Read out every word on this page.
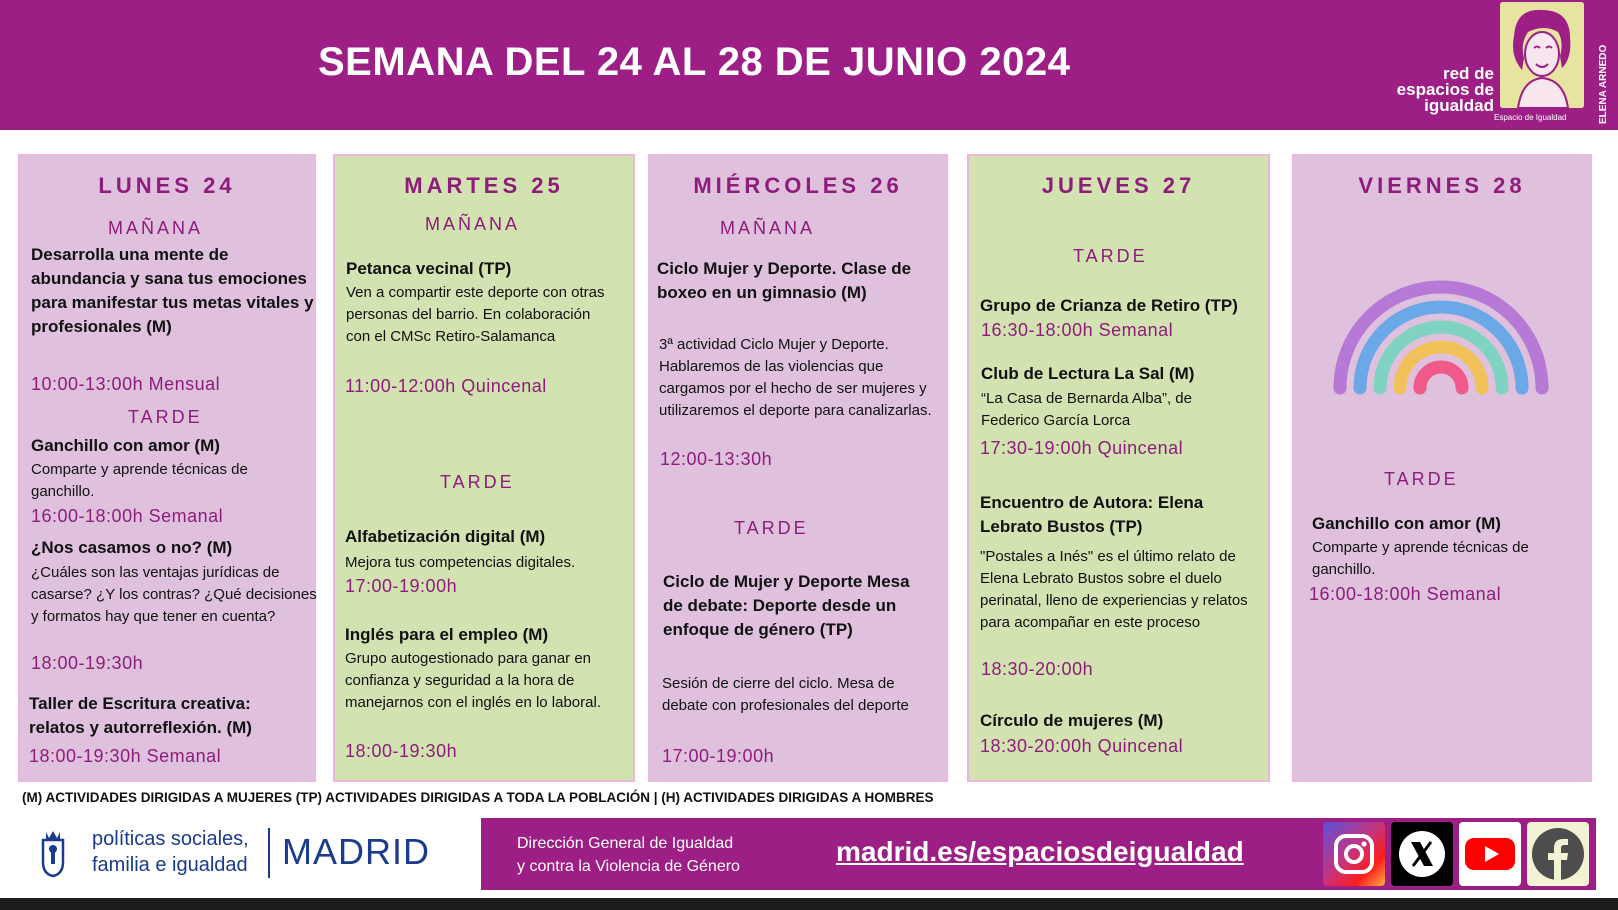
SEMANA DEL 24 AL 28 DE JUNIO 2024	red de espacios de igualdad
Espacio de Igualdad	ELENA ARNEDO
LUNES 24
MAÑANA
Desarrolla una mente de abundancia y sana tus emociones para manifestar tus metas vitales y profesionales (M)
10:00-13:00h Mensual
TARDE
Ganchillo con amor (M)
Comparte y aprende técnicas de ganchillo.
16:00-18:00h Semanal
¿Nos casamos o no? (M)
¿Cuáles son las ventajas jurídicas de casarse? ¿Y los contras? ¿Qué decisiones y formatos hay que tener en cuenta?
18:00-19:30h
Taller de Escritura creativa: relatos y autorreflexión. (M)
18:00-19:30h Semanal
MARTES 25
MAÑANA
Petanca vecinal (TP)
Ven a compartir este deporte con otras personas del barrio. En colaboración con el CMSc Retiro-Salamanca
11:00-12:00h Quincenal
TARDE
Alfabetización digital (M)
Mejora tus competencias digitales.
17:00-19:00h
Inglés para el empleo (M)
Grupo autogestionado para ganar en confianza y seguridad a la hora de manejarnos con el inglés en lo laboral.
18:00-19:30h
MIÉRCOLES 26
MAÑANA
Ciclo Mujer y Deporte. Clase de boxeo en un gimnasio (M)
3ª actividad Ciclo Mujer y Deporte. Hablaremos de las violencias que cargamos por el hecho de ser mujeres y utilizaremos el deporte para canalizarlas.
12:00-13:30h
TARDE
Ciclo de Mujer y Deporte Mesa de debate: Deporte desde un enfoque de género (TP)
Sesión de cierre del ciclo. Mesa de debate con profesionales del deporte
17:00-19:00h
JUEVES 27
TARDE
Grupo de Crianza de Retiro (TP)
16:30-18:00h Semanal
Club de Lectura La Sal (M)
“La Casa de Bernarda Alba”, de Federico García Lorca
17:30-19:00h Quincenal
Encuentro de Autora: Elena Lebrato Bustos (TP)
"Postales a Inés" es el último relato de Elena Lebrato Bustos sobre el duelo perinatal, lleno de experiencias y relatos para acompañar en este proceso
18:30-20:00h
Círculo de mujeres (M)
18:30-20:00h Quincenal
VIERNES 28
TARDE
Ganchillo con amor (M)
Comparte y aprende técnicas de ganchillo.
16:00-18:00h Semanal
(M) ACTIVIDADES DIRIGIDAS A MUJERES (TP) ACTIVIDADES DIRIGIDAS A TODA LA POBLACIÓN | (H) ACTIVIDADES DIRIGIDAS A HOMBRES
políticas sociales,
familia e igualdad MADRID	Dirección General de Igualdad
y contra la Violencia de Género	madrid.es/espaciosdeigualdad
